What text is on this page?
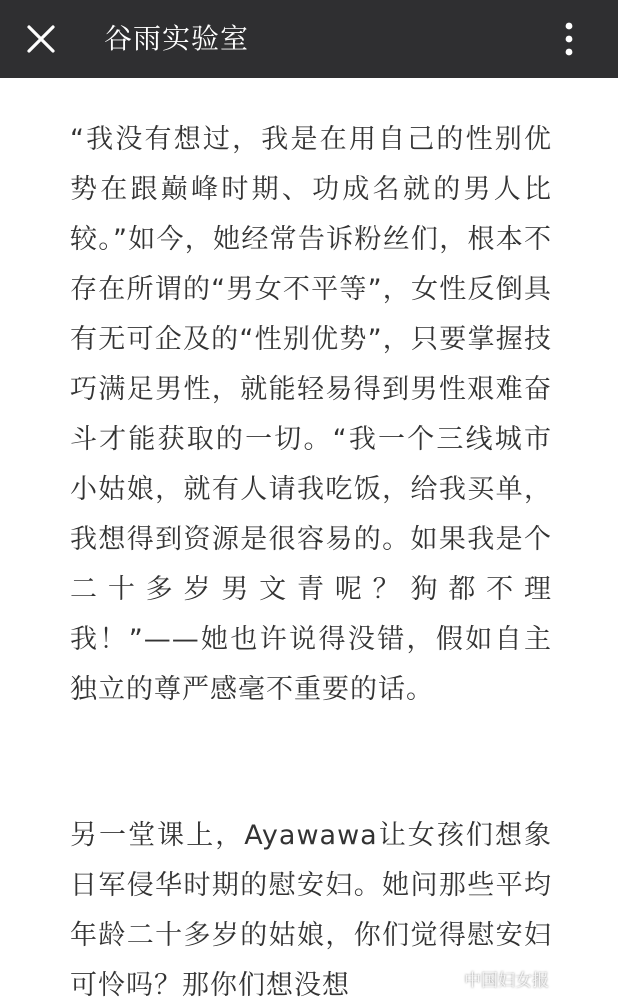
谷雨实验室

“我没有想过，我是在用自己的性别优势在跟巅峰时期、功成名就的男人比较。”如今，她经常告诉粉丝们，根本不存在所谓的“男女不平等”，女性反倒具有无可企及的“性别优势”，只要掌握技巧满足男性，就能轻易得到男性艰难奋斗才能获取的一切。“我一个三线城市小姑娘，就有人请我吃饭，给我买单，我想得到资源是很容易的。如果我是个二十多岁男文青呢？狗都不理我！”——她也许说得没错，假如自主独立的尊严感毫不重要的话。

另一堂课上，Ayawawa让女孩们想象日军侵华时期的慰安妇。她问那些平均年龄二十多岁的姑娘，你们觉得慰安妇可怜吗？那你们想没想	中国妇女报
